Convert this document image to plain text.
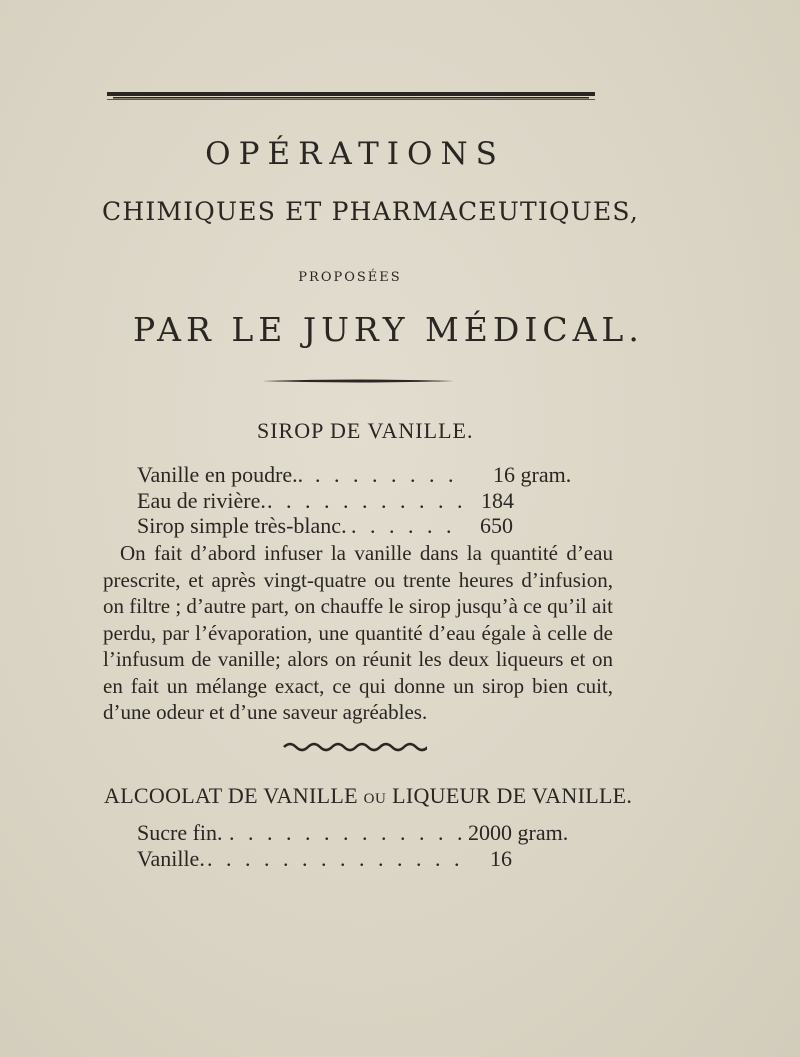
OPÉRATIONS
CHIMIQUES ET PHARMACEUTIQUES,
PROPOSÉES
PAR LE JURY MÉDICAL.
SIROP DE VANILLE.
Vanille en poudre.. . . . . . . . . 16 gram.
Eau de rivière. . . . . . . . . . . . 184
Sirop simple très-blanc. . . . . . . 650
On fait d’abord infuser la vanille dans la quantité d’eau prescrite, et après vingt-quatre ou trente heures d’infusion, on filtre ; d’autre part, on chauffe le sirop jusqu’à ce qu’il ait perdu, par l’évaporation, une quantité d’eau égale à celle de l’infusum de vanille; alors on réunit les deux liqueurs et on en fait un mélange exact, ce qui donne un sirop bien cuit, d’une odeur et d’une saveur agréables.
ALCOOLAT DE VANILLE OU LIQUEUR DE VANILLE.
Sucre fin. . . . . . . . . . . . . . 2000 gram.
Vanille. . . . . . . . . . . . . . . 16
